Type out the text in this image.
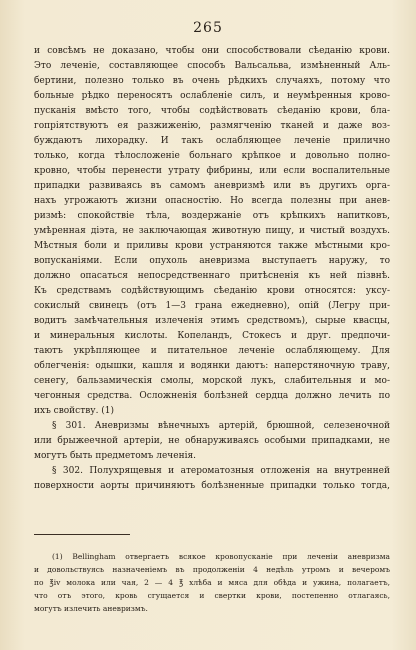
265
и совсѣмъ не доказано, чтобы они способствовали сѣеданію крови.
Это леченіе, составляющее способъ Вальсальва, измѣненный Аль-
бертини, полезно только въ очень рѣдкихъ случаяхъ, потому что
больные рѣдко переносятъ ослабленіе силъ, и неумѣренныя крово-
пусканія вмѣсто того, чтобы содѣйствовать сѣеданію крови, бла-
гопріятствуютъ ея разжиженію, размягченію тканей и даже воз-
буждаютъ лихорадку. И такъ ослабляющее леченіе прилично
только, когда тѣлосложеніе больнаго крѣпкое и довольно полно-
кровно, чтобы перенести утрату фибрины, или если воспалительные
припадки развиваясь въ самомъ аневризмѣ или въ другихъ орга-
нахъ угрожаютъ жизни опасностію. Но всегда полезны при анев-
ризмѣ: спокойствіе тѣла, воздержаніе отъ крѣпкихъ напитковъ,
умѣренная діэта, не заключающая животную пищу, и чистый воздухъ.
Мѣстныя боли и приливы крови устраняются также мѣстными кро-
вопусканіями. Если опухоль аневризма выступаетъ наружу, то
должно опасаться непосредственнаго притѣсненія къ ней пізвнѣ.
Къ средствамъ содѣйствующимъ сѣеданію крови относятся: уксу-
сокислый свинецъ (отъ 1—3 грана ежедневно), опій (Легру при-
водитъ замѣчательныя излеченія этимъ средствомъ), сырые квасцы,
и минеральныя кислоты. Копеландъ, Стокесъ и друг. предпочи-
таютъ укрѣпляющее и питательное леченіе ослабляющему. Для
облегченія: одышки, кашля и водянки даютъ: наперстяночную траву,
сенегу, бальзамическія смолы, морской лукъ, слабительныя и мо-
чегонныя средства. Осложненія болѣзней сердца должно лечить по
ихъ свойству. (1)
§ 301. Аневризмы вѣнечныхъ артерій, брюшной, селезеночной
или брыжеечной артеріи, не обнаруживаясь особыми припадками, не
могутъ быть предметомъ леченія.
§ 302. Полухрящевыя и атероматозныя отложенія на внутренней
поверхности аорты причиняютъ болѣзненные припадки только тогда,
(1) Bellingham отвергаетъ всякое кровопусканіе при леченіи аневризма
и довольствуясь назначеніемъ въ продолженіи 4 недѣль утромъ и вечеромъ
по ℥iv молока или чая, 2 — 4 ℥ хлѣба и мяса для обѣда и ужина, полагаетъ,
что отъ этого, кровь сгущается и свертки крови, постепенно отлагаясь,
могутъ излечить аневризмъ.
